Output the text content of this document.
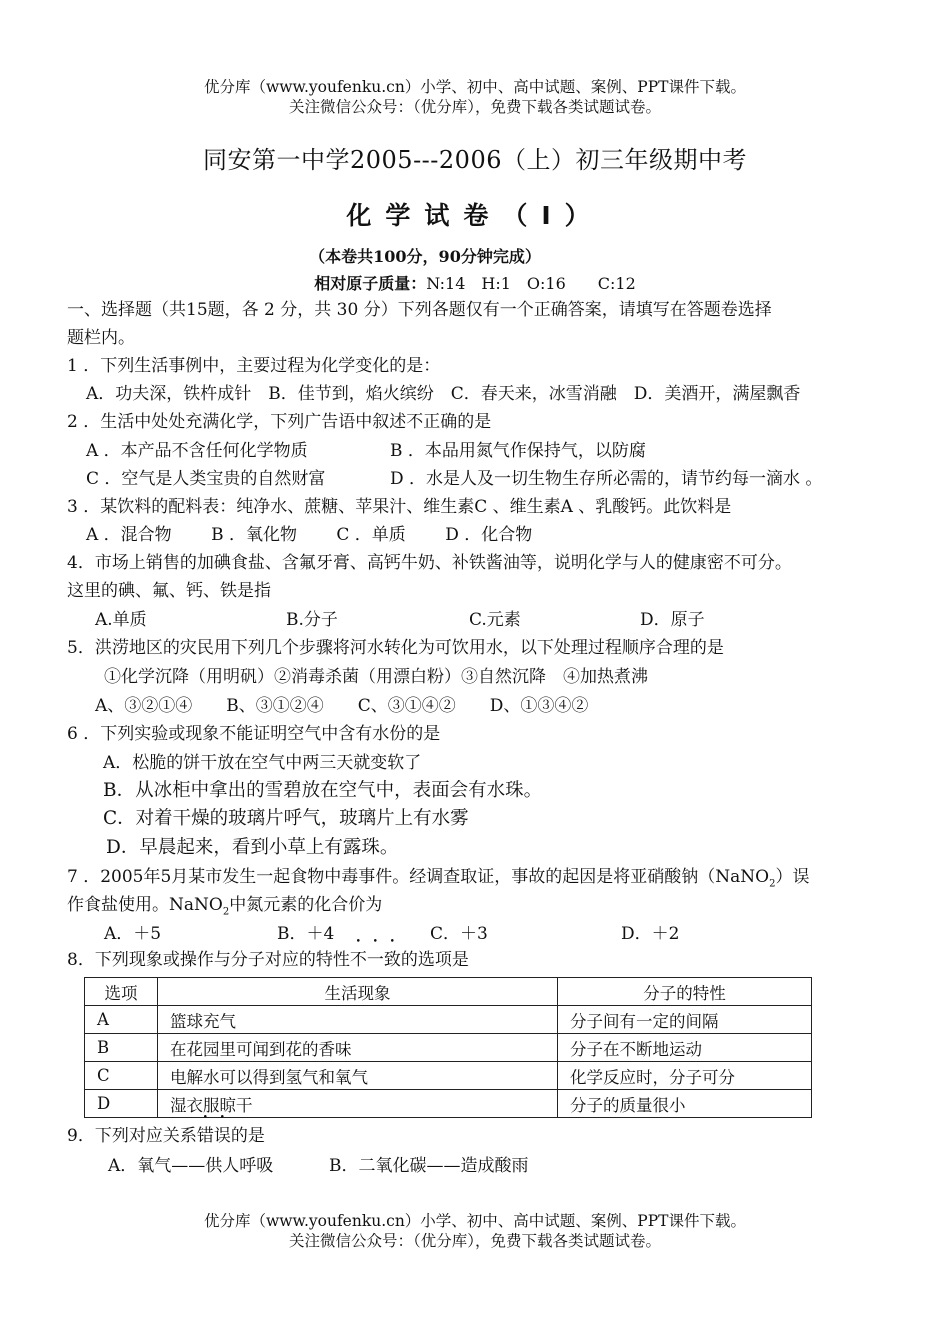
优分库（www.youfenku.cn）小学、初中、高中试题、案例、PPT课件下载。
关注微信公众号：（优分库），免费下载各类试题试卷。
同安第一中学2005---2006（上）初三年级期中考
化学试卷（Ⅰ）
（本卷共100分，90分钟完成）
相对原子质量：N:14　H:1　O:16　　C:12
一、选择题（共15题，各 2 分，共 30 分）下列各题仅有一个正确答案，请填写在答题卷选择
题栏内。
1 ．下列生活事例中，主要过程为化学变化的是：
A．功夫深，铁杵成针　B．佳节到，焰火缤纷　C．春天来，冰雪消融　D．美酒开，满屋飘香
2 ．生活中处处充满化学，下列广告语中叙述不正确的是
A ．本产品不含任何化学物质	B ．本品用氮气作保持气，以防腐
C ．空气是人类宝贵的自然财富	D ．水是人及一切生物生存所必需的，请节约每一滴水 。
3 ．某饮料的配料表：纯净水、蔗糖、苹果汁、维生素C 、维生素A 、乳酸钙。此饮料是
A ．混合物　　 B ．氧化物　　 C ．单质　　 D ．化合物
4．市场上销售的加碘食盐、含氟牙膏、高钙牛奶、补铁酱油等，说明化学与人的健康密不可分。
这里的碘、氟、钙、铁是指
A.单质	B.分子	C.元素	D．原子
5．洪涝地区的灾民用下列几个步骤将河水转化为可饮用水，以下处理过程顺序合理的是
①化学沉降（用明矾）②消毒杀菌（用漂白粉）③自然沉降　④加热煮沸
A、③②①④　　B、③①②④　　C、③①④②　　D、①③④②
6 ．下列实验或现象不能证明空气中含有水份的是
A．松脆的饼干放在空气中两三天就变软了
B．从冰柜中拿出的雪碧放在空气中，表面会有水珠。
C．对着干燥的玻璃片呼气，玻璃片上有水雾
D．早晨起来，看到小草上有露珠。
7 ．2005年5月某市发生一起食物中毒事件。经调查取证，事故的起因是将亚硝酸钠（NaNO$_2$）误
作食盐使用。NaNO$_2$中氮元素的化合价为
A．＋5	B．＋4	C．＋3	D．＋2
8．下列现象或操作与分子对应的特性不一致的选项是
选项	生活现象	分子的特性
A	篮球充气	分子间有一定的间隔
B	在花园里可闻到花的香味	分子在不断地运动
C	电解水可以得到氢气和氧气	化学反应时，分子可分
D	湿衣服晾干	分子的质量很小
9．下列对应关系错误的是
A．氧气——供人呼吸	B．二氧化碳——造成酸雨
优分库（www.youfenku.cn）小学、初中、高中试题、案例、PPT课件下载。
关注微信公众号：（优分库），免费下载各类试题试卷。
